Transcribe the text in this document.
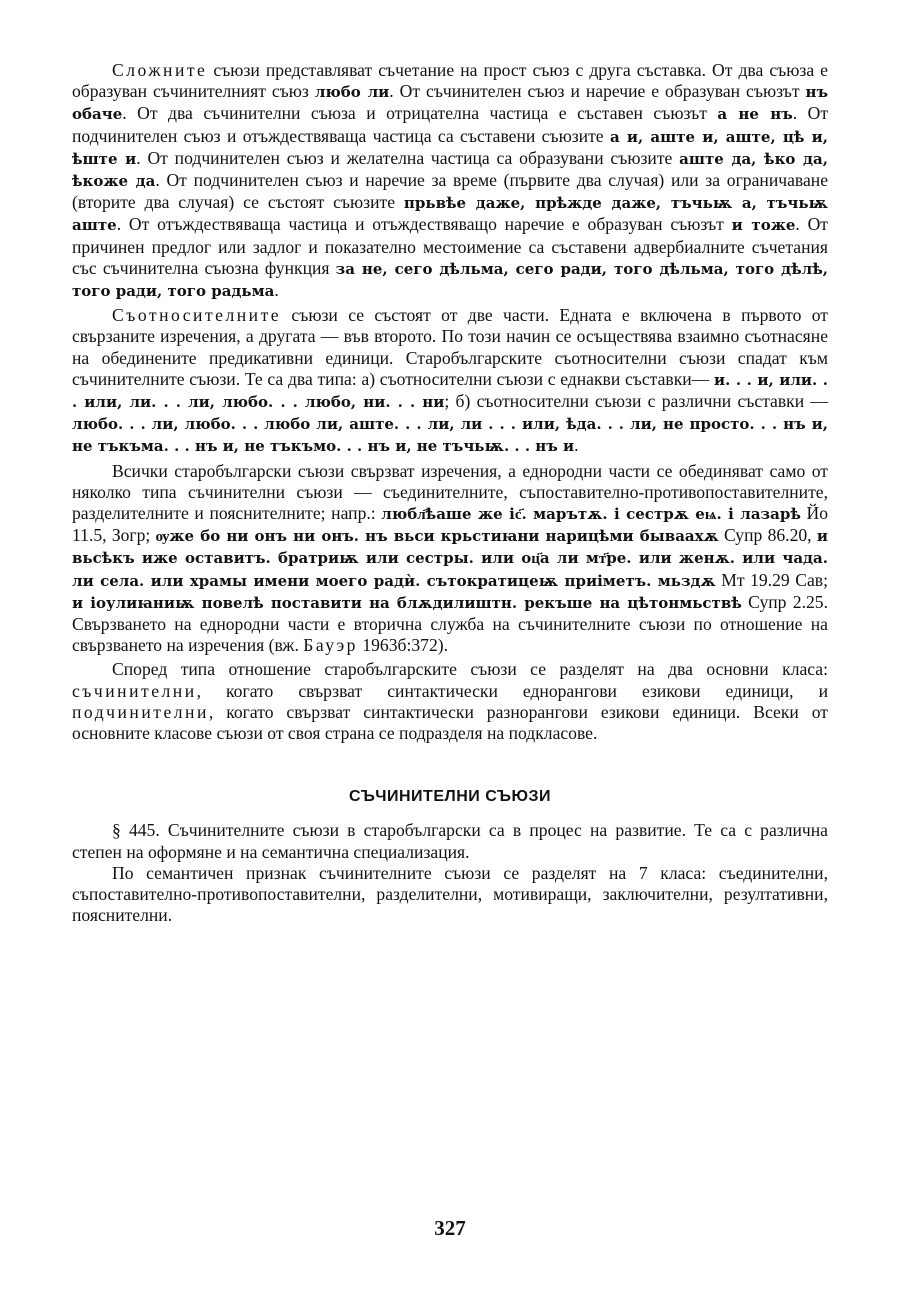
Сложните съюзи представляват съчетание на прост съюз с друга съставка. От два съюза е образуван съчинителният съюз любо ли. От съчинителен съюз и наречие е образуван съюзът нъ обаче. От два съчинителни съюза и отрицателна частица е съставен съюзът а не нъ. От подчинителен съюз и отъждествяваща частица са съставени съюзите а и, аште и, аште, цѣ и, ѣште и. От подчинителен съюз и желателна частица са образувани съюзите аште да, ѣко да, ѣкоже да. От подчинителен съюз и наречие за време (първите два случая) или за ограничаване (вторите два случая) се състоят съюзите прьвѣе даже, прѣжде даже, тъчьѭ а, тъчьѭ аште. От отъждествяваща частица и отъждествяващо наречие е образуван съюзът и тоже. От причинен предлог или задлог и показателно местоимение са съставени адвербиалните съчетания със съчинителна съюзна функция за не, сего дѣльма, сего ради, того дѣльма, того дѣлѣ, того ради, того радьма.

Съотносителните съюзи се състоят от две части. Едната е включена в първото от свързаните изречения, а другата — във второто. По този начин се осъществява взаимно съотнасяне на обединените предикативни единици. Старобългарските съотносителни съюзи спадат към съчинителните съюзи. Те са два типа: а) съотносителни съюзи с еднакви съставки— и. . . и, или. . . или, ли. . . ли, любо. . . любо, ни. . . ни; б) съотносителни съюзи с различни съставки — любо. . . ли, любо. . . любо ли, аште. . . ли, ли . . . или, ѣда. . . ли, не просто. . . нъ и, не тъкъма. . . нъ и, не тъкъмо. . . нъ и, не тъчьѭ. . . нъ и.

Всички старобългарски съюзи свързват изречения, а еднородни части се обединяват само от няколко типа съчинителни съюзи — съединителните, съпоставително-противопоставителните, разделителните и пояснителните; напр.: любл҄ѣаше же іс҃. марътѫ. і сестрѫ еѩ. і лазарѣ Йо 11.5, Зогр; ѹже бо ни онъ ни онъ. нъ вьси крьстиꙗни нарицѣми бываахѫ Супр 86.20, и вьсѣкъ иже оставитъ. братриѭ или сестры. или оц҃а ли мт҃ре. или женѫ. или чада. ли села. или храмы имени моего радѝ. сътократицеѭ приіметъ. мьздѫ Мт 19.29 Сав; и іоулиꙗниѭ повелѣ поставити на блѫдилиштн. рекъше на цѣтонмьствѣ Супр 2.25. Свързването на еднородни части е вторична служба на съчинителните съюзи по отношение на свързването на изречения (вж. Бауэр 1963б:372).

Според типа отношение старобългарските съюзи се разделят на два основни класа: съчинителни, когато свързват синтактически еднорангови езикови единици, и подчинителни, когато свързват синтактически разнорангови езикови единици. Всеки от основните класове съюзи от своя страна се подразделя на подкласове.

СЪЧИНИТЕЛНИ СЪЮЗИ

§ 445. Съчинителните съюзи в старобългарски са в процес на развитие. Те са с различна степен на оформяне и на семантична специализация.

По семантичен признак съчинителните съюзи се разделят на 7 класа: съединителни, съпоставително-противопоставителни, разделителни, мотивиращи, заключителни, резултативни, пояснителни.

327
